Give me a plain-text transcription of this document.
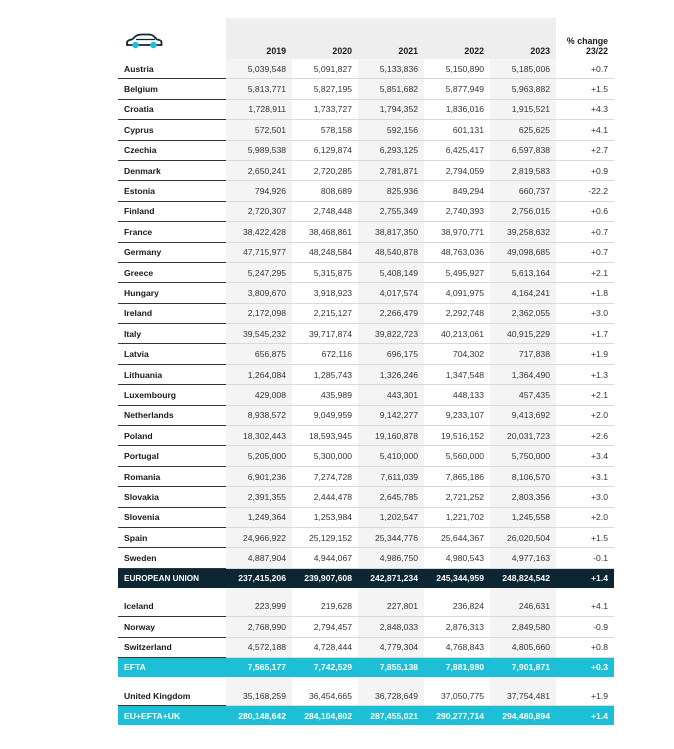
	2019	2020	2021	2022	2023	% change
23/22
Austria	5,039,548	5,091,827	5,133,836	5,150,890	5,185,006	+0.7
Belgium	5,813,771	5,827,195	5,851,682	5,877,949	5,963,882	+1.5
Croatia	1,728,911	1,733,727	1,794,352	1,836,016	1,915,521	+4.3
Cyprus	572,501	578,158	592,156	601,131	625,625	+4.1
Czechia	5,989,538	6,129,874	6,293,125	6,425,417	6,597,838	+2.7
Denmark	2,650,241	2,720,285	2,781,871	2,794,059	2,819,583	+0.9
Estonia	794,926	808,689	825,936	849,294	660,737	-22.2
Finland	2,720,307	2,748,448	2,755,349	2,740,393	2,756,015	+0.6
France	38,422,428	38,468,861	38,817,350	38,970,771	39,258,632	+0.7
Germany	47,715,977	48,248,584	48,540,878	48,763,036	49,098,685	+0.7
Greece	5,247,295	5,315,875	5,408,149	5,495,927	5,613,164	+2.1
Hungary	3,809,670	3,918,923	4,017,574	4,091,975	4,164,241	+1.8
Ireland	2,172,098	2,215,127	2,266,479	2,292,748	2,362,055	+3.0
Italy	39,545,232	39,717,874	39,822,723	40,213,061	40,915,229	+1.7
Latvia	656,875	672,116	696,175	704,302	717,838	+1.9
Lithuania	1,264,084	1,285,743	1,326,246	1,347,548	1,364,490	+1.3
Luxembourg	429,008	435,989	443,301	448,133	457,435	+2.1
Netherlands	8,938,572	9,049,959	9,142,277	9,233,107	9,413,692	+2.0
Poland	18,302,443	18,593,945	19,160,878	19,516,152	20,031,723	+2.6
Portugal	5,205,000	5,300,000	5,410,000	5,560,000	5,750,000	+3.4
Romania	6,901,236	7,274,728	7,611,039	7,865,186	8,106,570	+3.1
Slovakia	2,391,355	2,444,478	2,645,785	2,721,252	2,803,356	+3.0
Slovenia	1,249,364	1,253,984	1,202,547	1,221,702	1,245,558	+2.0
Spain	24,966,922	25,129,152	25,344,776	25,644,367	26,020,504	+1.5
Sweden	4,887,904	4,944,067	4,986,750	4,980,543	4,977,163	-0.1
EUROPEAN UNION	237,415,206	239,907,608	242,871,234	245,344,959	248,824,542	+1.4

Iceland	223,999	219,628	227,801	236,824	246,631	+4.1
Norway	2,768,990	2,794,457	2,848,033	2,876,313	2,849,580	-0.9
Switzerland	4,572,188	4,728,444	4,779,304	4,768,843	4,805,660	+0.8
EFTA	7,565,177	7,742,529	7,855,138	7,881,980	7,901,871	+0.3

United Kingdom	35,168,259	36,454,665	36,728,649	37,050,775	37,754,481	+1.9
EU+EFTA+UK	280,148,642	284,104,802	287,455,021	290,277,714	294,480,894	+1.4
